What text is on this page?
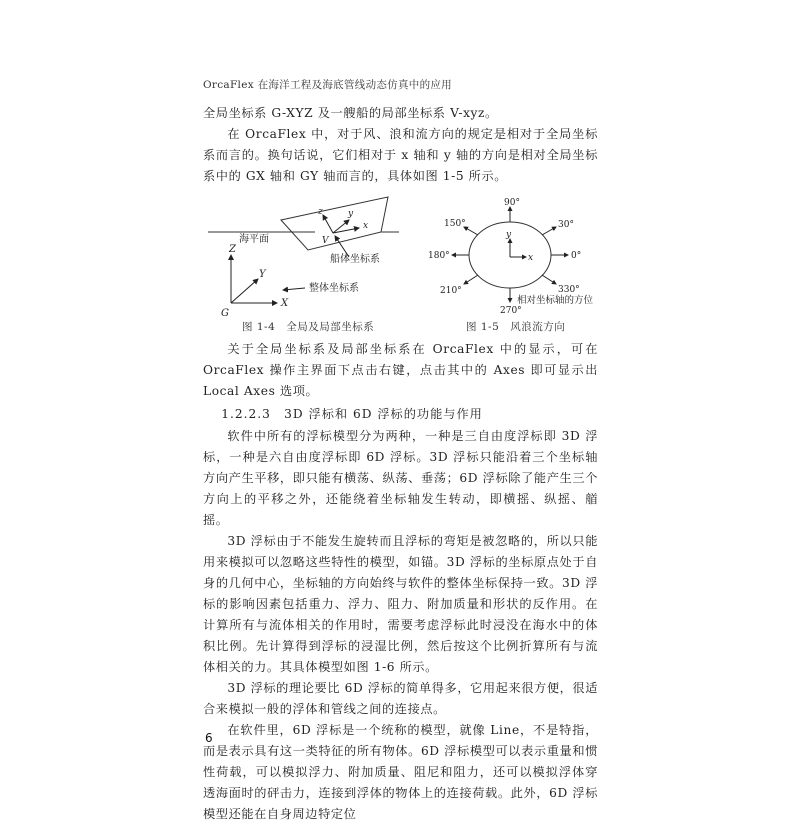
OrcaFlex 在海洋工程及海底管线动态仿真中的应用

全局坐标系 G-XYZ 及一艘船的局部坐标系 V-xyz。

在 OrcaFlex 中，对于风、浪和流方向的规定是相对于全局坐标系而言的。换句话说，它们相对于 x 轴和 y 轴的方向是相对全局坐标系中的 GX 轴和 GY 轴而言的，具体如图 1-5 所示。

z	y
x
V
海平面
船体坐标系
Z
Y
X
G
整体坐标系
图 1-4　全局及局部坐标系
y
x
90°
30°
0°
330°
270°
210°
180°
150°
相对坐标轴的方位
图 1-5　风浪流方向

关于全局坐标系及局部坐标系在 OrcaFlex 中的显示，可在 OrcaFlex 操作主界面下点击右键，点击其中的 Axes 即可显示出 Local Axes 选项。

1.2.2.3　3D 浮标和 6D 浮标的功能与作用

软件中所有的浮标模型分为两种，一种是三自由度浮标即 3D 浮标，一种是六自由度浮标即 6D 浮标。3D 浮标只能沿着三个坐标轴方向产生平移，即只能有横荡、纵荡、垂荡；6D 浮标除了能产生三个方向上的平移之外，还能绕着坐标轴发生转动，即横摇、纵摇、艏摇。

3D 浮标由于不能发生旋转而且浮标的弯矩是被忽略的，所以只能用来模拟可以忽略这些特性的模型，如锚。3D 浮标的坐标原点处于自身的几何中心，坐标轴的方向始终与软件的整体坐标保持一致。3D 浮标的影响因素包括重力、浮力、阻力、附加质量和形状的反作用。在计算所有与流体相关的作用时，需要考虑浮标此时浸没在海水中的体积比例。先计算得到浮标的浸湿比例，然后按这个比例折算所有与流体相关的力。其具体模型如图 1-6 所示。

3D 浮标的理论要比 6D 浮标的简单得多，它用起来很方便，很适合来模拟一般的浮体和管线之间的连接点。

在软件里，6D 浮标是一个统称的模型，就像 Line，不是特指，而是表示具有这一类特征的所有物体。6D 浮标模型可以表示重量和惯性荷载，可以模拟浮力、附加质量、阻尼和阻力，还可以模拟浮体穿透海面时的砰击力，连接到浮体的物体上的连接荷载。此外，6D 浮标模型还能在自身周边特定位

6
